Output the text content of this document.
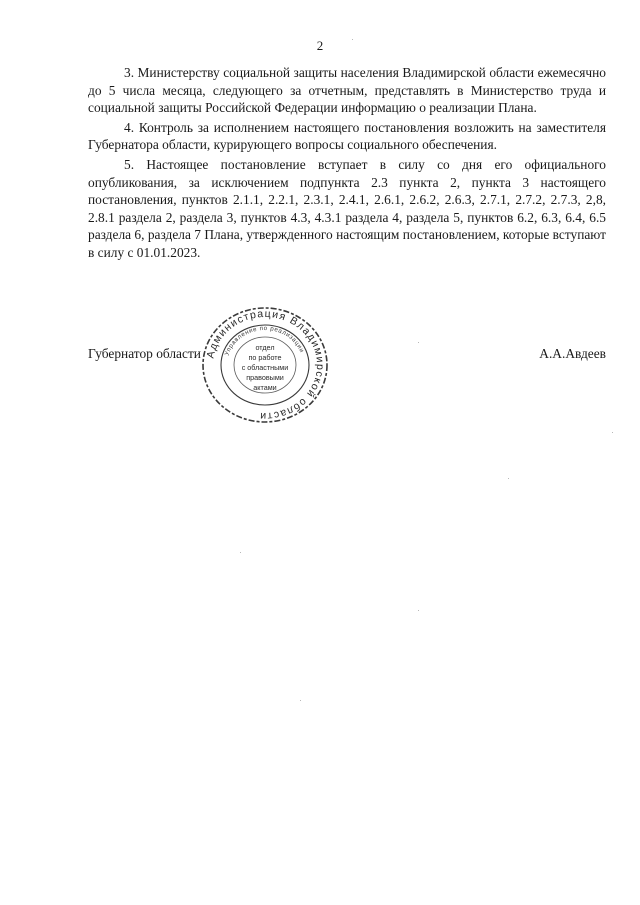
2

3. Министерству социальной защиты населения Владимирской области ежемесячно до 5 числа месяца, следующего за отчетным, представлять в Министерство труда и социальной защиты Российской Федерации информацию о реализации Плана.

4. Контроль за исполнением настоящего постановления возложить на заместителя Губернатора области, курирующего вопросы социального обеспечения.

5. Настоящее постановление вступает в силу со дня его официального опубликования, за исключением подпункта 2.3 пункта 2, пункта 3 настоящего постановления, пунктов 2.1.1, 2.2.1, 2.3.1, 2.4.1, 2.6.1, 2.6.2, 2.6.3, 2.7.1, 2.7.2, 2.7.3, 2,8, 2.8.1 раздела 2, раздела 3, пунктов 4.3, 4.3.1 раздела 4, раздела 5, пунктов 6.2, 6.3, 6.4, 6.5 раздела 6, раздела 7 Плана, утвержденного настоящим постановлением, которые вступают в силу с 01.01.2023.

Губернатор области	А.А.Авдеев
Администрация Владимирской области
Управление по реализации
отдел
по работе
с областными
правовыми
актами
